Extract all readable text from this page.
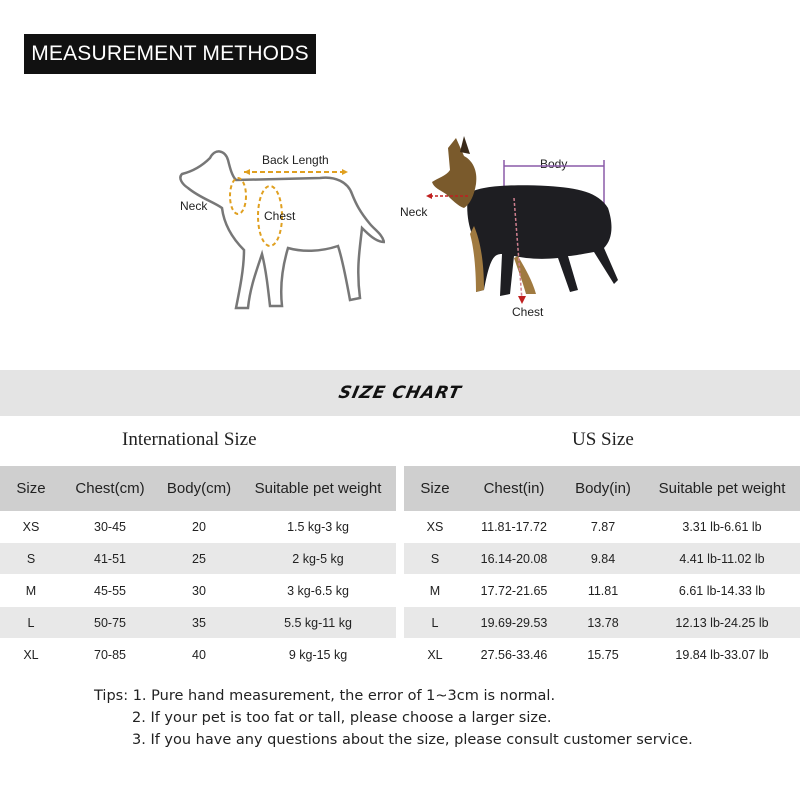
MEASUREMENT METHODS
Back Length
Neck
Chest
Body
Neck
Chest
SIZE CHART
International Size	US Size
Size	Chest(cm)	Body(cm)	Suitable pet weight
XS	30-45	20	1.5 kg-3 kg
S	41-51	25	2 kg-5 kg
M	45-55	30	3 kg-6.5 kg
L	50-75	35	5.5 kg-11 kg
XL	70-85	40	9 kg-15 kg
Size	Chest(in)	Body(in)	Suitable pet weight
XS	11.81-17.72	7.87	3.31 lb-6.61 lb
S	16.14-20.08	9.84	4.41 lb-11.02 lb
M	17.72-21.65	11.81	6.61 lb-14.33 lb
L	19.69-29.53	13.78	12.13 lb-24.25 lb
XL	27.56-33.46	15.75	19.84 lb-33.07 lb
Tips: 1. Pure hand measurement, the error of 1~3cm is normal.
2. If your pet is too fat or tall, please choose a larger size.
3. If you have any questions about the size, please consult customer service.
